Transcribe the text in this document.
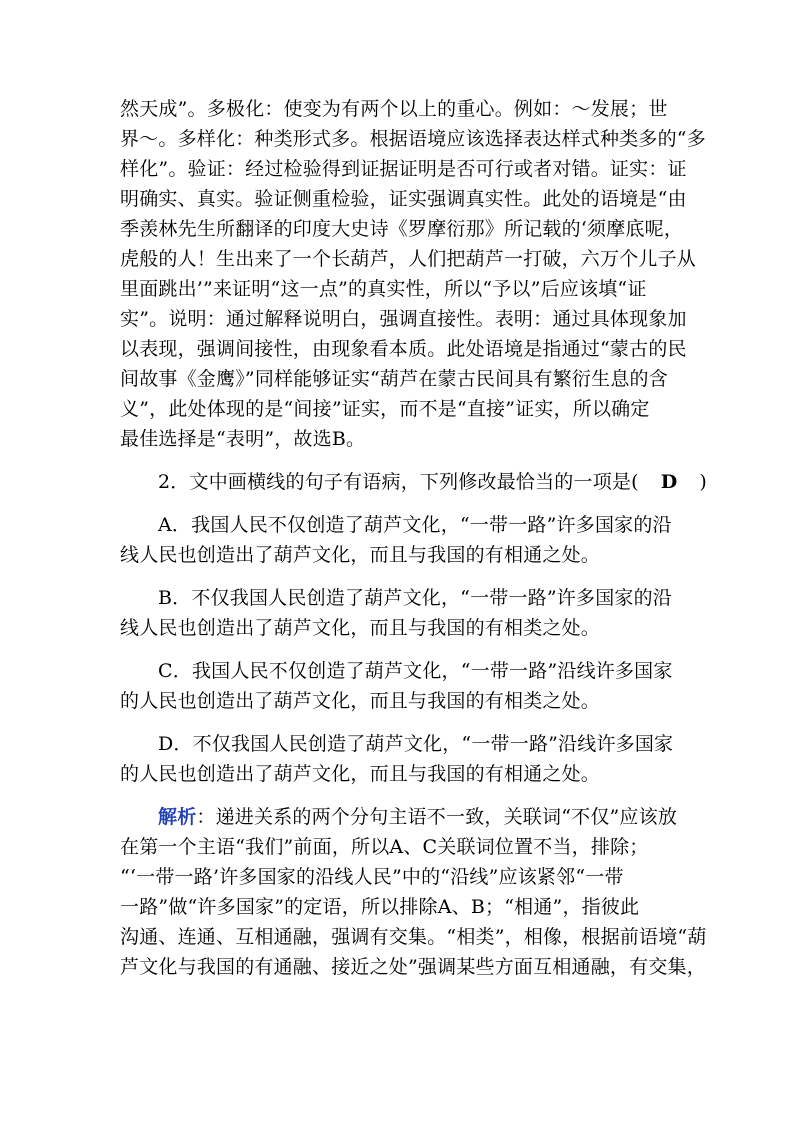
然天成”。多极化：使变为有两个以上的重心。例如：～发展；世
界～。多样化：种类形式多。根据语境应该选择表达样式种类多的“多
样化”。验证：经过检验得到证据证明是否可行或者对错。证实：证
明确实、真实。验证侧重检验，证实强调真实性。此处的语境是“由
季羡林先生所翻译的印度大史诗《罗摩衍那》所记载的‘须摩底呢，
虎般的人！生出来了一个长葫芦，人们把葫芦一打破，六万个儿子从
里面跳出’”来证明“这一点”的真实性，所以“予以”后应该填“证
实”。说明：通过解释说明白，强调直接性。表明：通过具体现象加
以表现，强调间接性，由现象看本质。此处语境是指通过“蒙古的民
间故事《金鹰》”同样能够证实“葫芦在蒙古民间具有繁衍生息的含
义”，此处体现的是“间接”证实，而不是“直接”证实，所以确定
最佳选择是“表明”，故选B。
2．文中画横线的句子有语病，下列修改最恰当的一项是( D )
A．我国人民不仅创造了葫芦文化，“一带一路”许多国家的沿
线人民也创造出了葫芦文化，而且与我国的有相通之处。
B．不仅我国人民创造了葫芦文化，“一带一路”许多国家的沿
线人民也创造出了葫芦文化，而且与我国的有相类之处。
C．我国人民不仅创造了葫芦文化，“一带一路”沿线许多国家
的人民也创造出了葫芦文化，而且与我国的有相类之处。
D．不仅我国人民创造了葫芦文化，“一带一路”沿线许多国家
的人民也创造出了葫芦文化，而且与我国的有相通之处。
解析：递进关系的两个分句主语不一致，关联词“不仅”应该放
在第一个主语“我们”前面，所以A、C关联词位置不当，排除；
“‘一带一路’许多国家的沿线人民”中的“沿线”应该紧邻“一带
一路”做“许多国家”的定语，所以排除A、B；“相通”，指彼此
沟通、连通、互相通融，强调有交集。“相类”，相像，根据前语境“葫
芦文化与我国的有通融、接近之处”强调某些方面互相通融，有交集，
